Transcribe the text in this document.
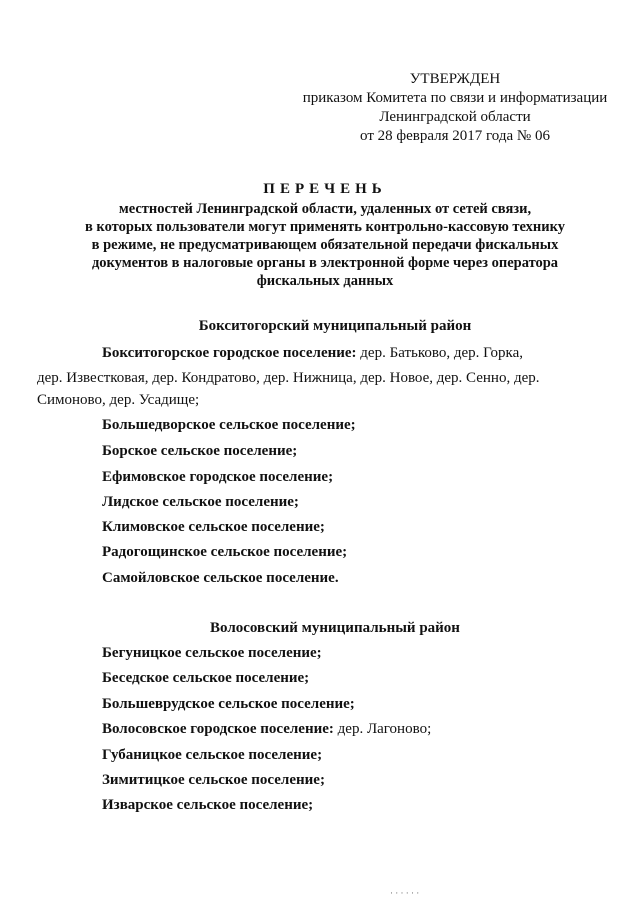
УТВЕРЖДЕН
приказом Комитета по связи и информатизации
Ленинградской области
от 28 февраля 2017 года № 06
ПЕРЕЧЕНЬ
местностей Ленинградской области, удаленных от сетей связи,
в которых пользователи могут применять контрольно-кассовую технику
в режиме, не предусматривающем обязательной передачи фискальных
документов в налоговые органы в электронной форме через оператора
фискальных данных
Бокситогорский муниципальный район
Бокситогорское городское поселение: дер. Батьково, дер. Горка,
дер. Известковая, дер. Кондратово, дер. Нижница, дер. Новое, дер. Сенно, дер.
Симоново, дер. Усадище;
Большедворское сельское поселение;
Борское сельское поселение;
Ефимовское городское поселение;
Лидское сельское поселение;
Климовское сельское поселение;
Радогощинское сельское поселение;
Самойловское сельское поселение.
Волосовский муниципальный район
Бегуницкое сельское поселение;
Беседское сельское поселение;
Большеврудское сельское поселение;
Волосовское городское поселение: дер. Лагоново;
Губаницкое сельское поселение;
Зимитицкое сельское поселение;
Изварское сельское поселение;
· · · · · ·
